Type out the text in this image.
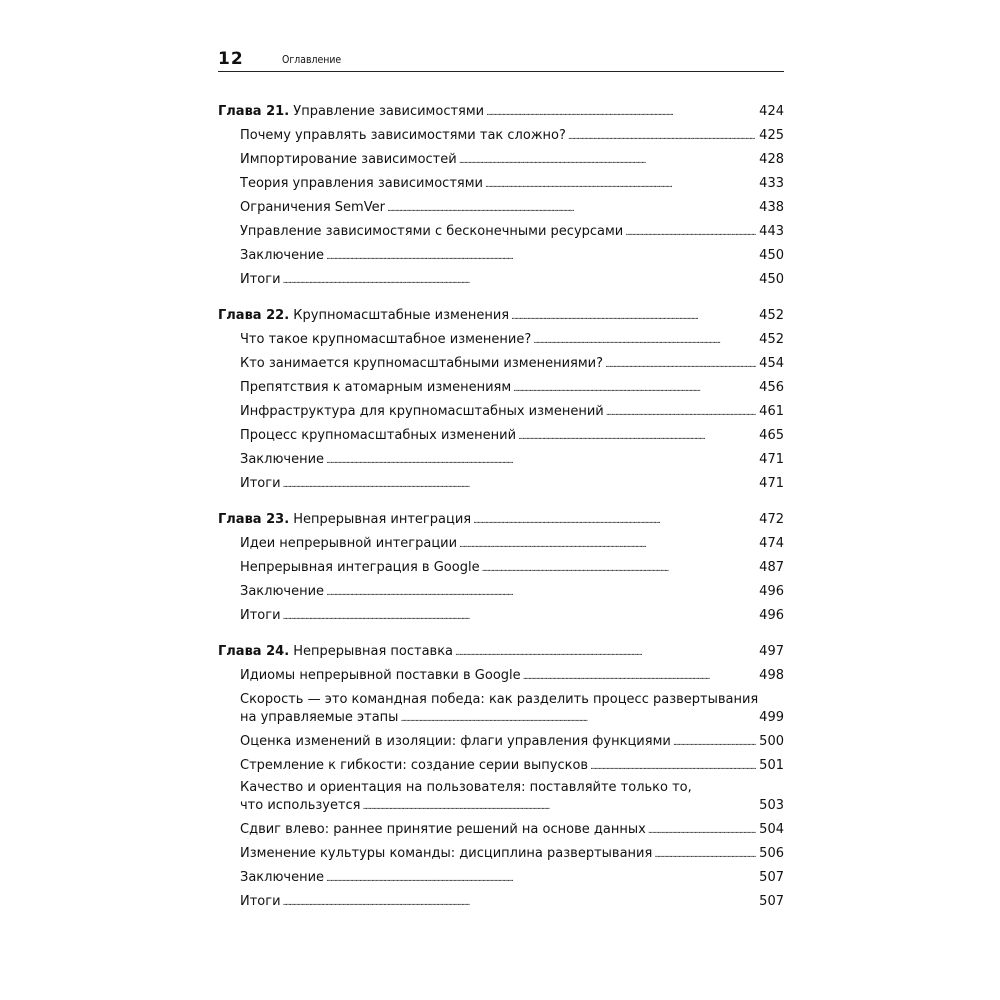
12	Оглавление
Глава 21. Управление зависимостями . . .	424
Почему управлять зависимостями так сложно? . . .	425
Импортирование зависимостей . . .	428
Теория управления зависимостями . . .	433
Ограничения SemVer . . .	438
Управление зависимостями с бесконечными ресурсами . . .	443
Заключение . . .	450
Итоги . . .	450
Глава 22. Крупномасштабные изменения . . .	452
Что такое крупномасштабное изменение? . . .	452
Кто занимается крупномасштабными изменениями? . . .	454
Препятствия к атомарным изменениям . . .	456
Инфраструктура для крупномасштабных изменений . . .	461
Процесс крупномасштабных изменений . . .	465
Заключение . . .	471
Итоги . . .	471
Глава 23. Непрерывная интеграция . . .	472
Идеи непрерывной интеграции . . .	474
Непрерывная интеграция в Google . . .	487
Заключение . . .	496
Итоги . . .	496
Глава 24. Непрерывная поставка . . .	497
Идиомы непрерывной поставки в Google . . .	498
Скорость — это командная победа: как разделить процесс развертывания
на управляемые этапы . . .	499
Оценка изменений в изоляции: флаги управления функциями . . .	500
Стремление к гибкости: создание серии выпусков . . .	501
Качество и ориентация на пользователя: поставляйте только то,
что используется . . .	503
Сдвиг влево: раннее принятие решений на основе данных . . .	504
Изменение культуры команды: дисциплина развертывания . . .	506
Заключение . . .	507
Итоги . . .	507
